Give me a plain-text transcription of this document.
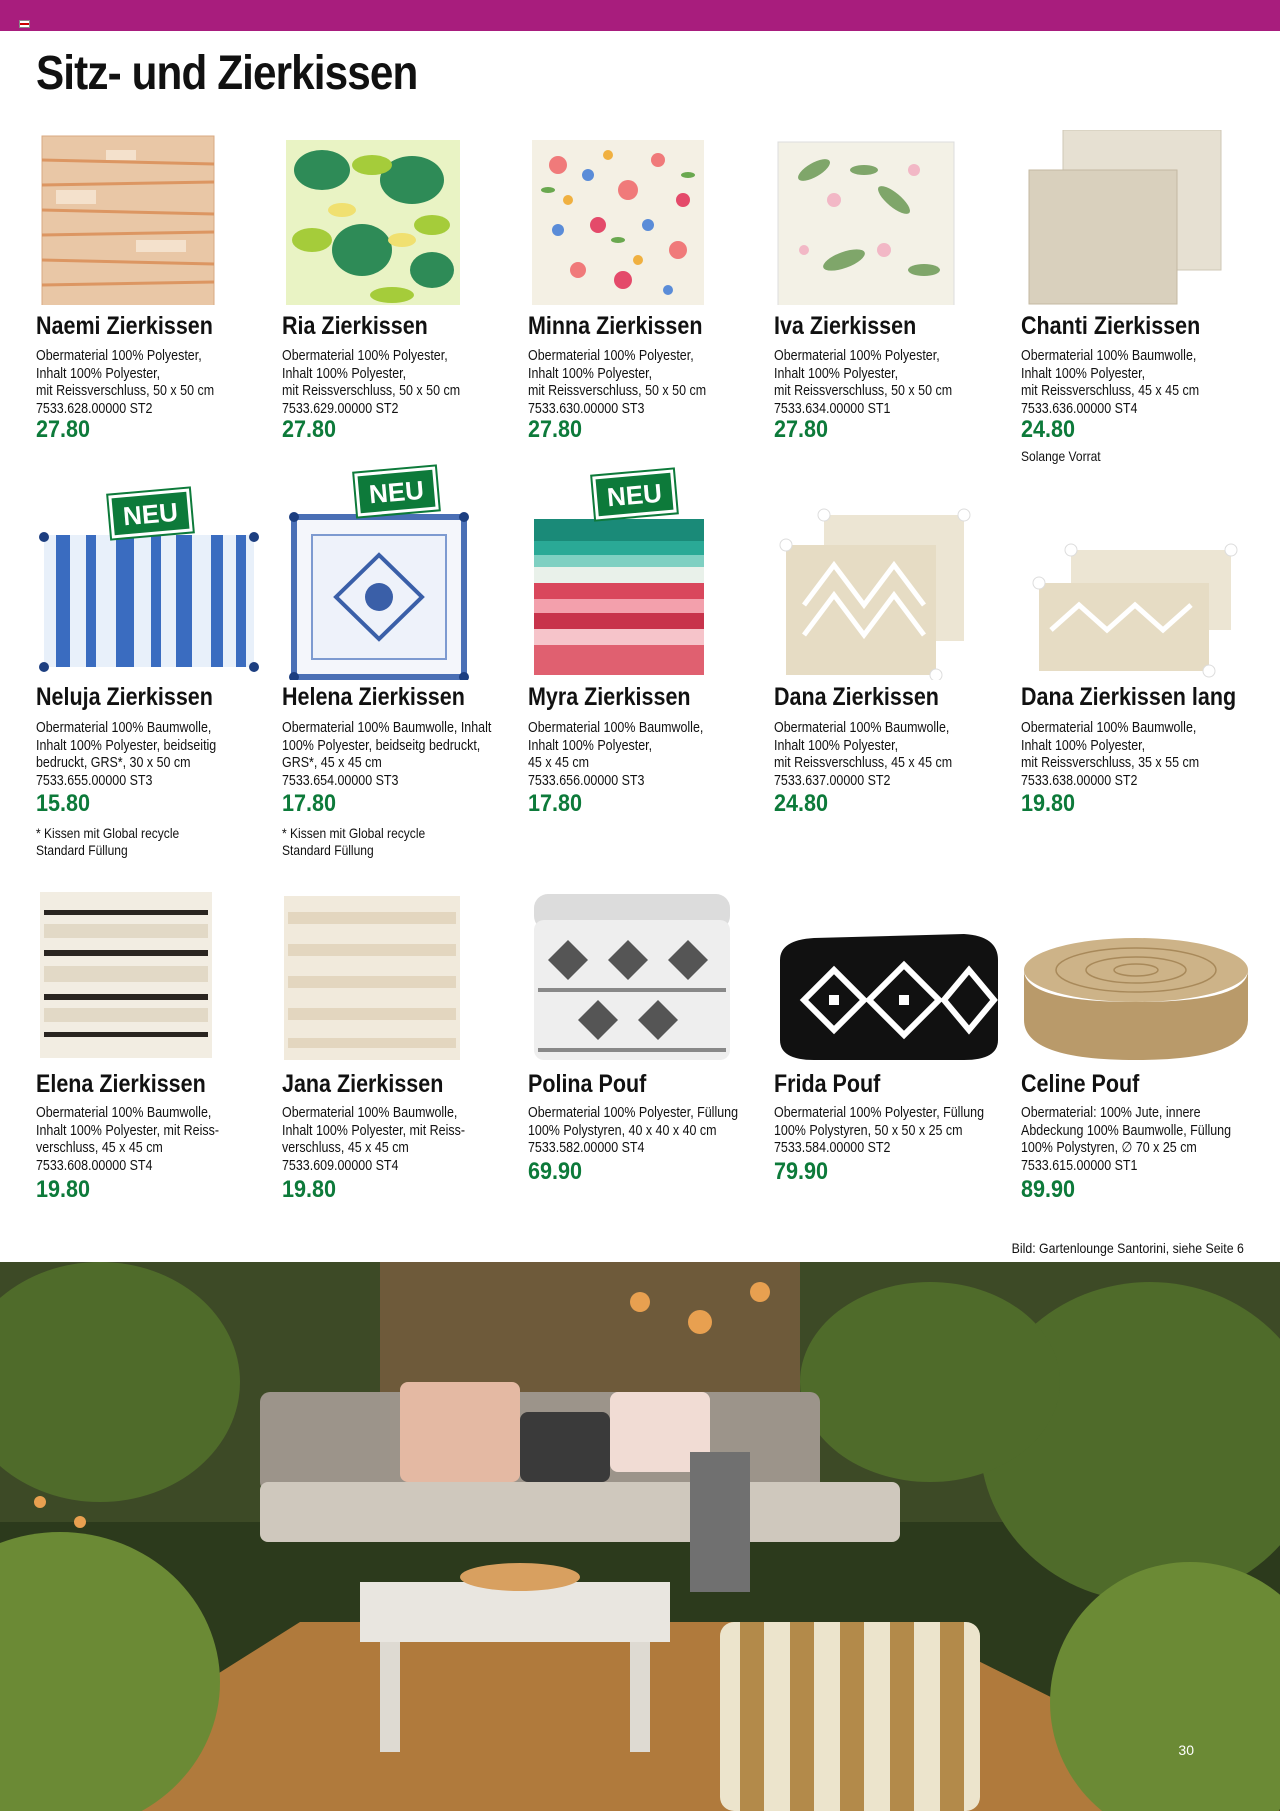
Sitz- und Zierkissen
Naemi Zierkissen
Obermaterial 100% Polyester,
Inhalt 100% Polyester,
mit Reissverschluss, 50 x 50 cm
7533.628.00000 ST2
27.80
Ria Zierkissen
Obermaterial 100% Polyester,
Inhalt 100% Polyester,
mit Reissverschluss, 50 x 50 cm
7533.629.00000 ST2
27.80
Minna Zierkissen
Obermaterial 100% Polyester,
Inhalt 100% Polyester,
mit Reissverschluss, 50 x 50 cm
7533.630.00000 ST3
27.80
Iva Zierkissen
Obermaterial 100% Polyester,
Inhalt 100% Polyester,
mit Reissverschluss, 50 x 50 cm
7533.634.00000 ST1
27.80
Chanti Zierkissen
Obermaterial 100% Baumwolle,
Inhalt 100% Polyester,
mit Reissverschluss, 45 x 45 cm
7533.636.00000 ST4
24.80
Solange Vorrat
Neluja Zierkissen
Obermaterial 100% Baumwolle,
Inhalt 100% Polyester, beidseitig
bedruckt, GRS*, 30 x 50 cm
7533.655.00000 ST3
15.80
* Kissen mit Global recycle
Standard Füllung
NEU
Helena Zierkissen
Obermaterial 100% Baumwolle, Inhalt
100% Polyester, beidseitg bedruckt,
GRS*, 45 x 45 cm
7533.654.00000 ST3
17.80
* Kissen mit Global recycle
Standard Füllung
NEU
Myra Zierkissen
Obermaterial 100% Baumwolle,
Inhalt 100% Polyester,
45 x 45 cm
7533.656.00000 ST3
17.80
NEU
Dana Zierkissen
Obermaterial 100% Baumwolle,
Inhalt 100% Polyester,
mit Reissverschluss, 45 x 45 cm
7533.637.00000 ST2
24.80
Dana Zierkissen lang
Obermaterial 100% Baumwolle,
Inhalt 100% Polyester,
mit Reissverschluss, 35 x 55 cm
7533.638.00000 ST2
19.80
Elena Zierkissen
Obermaterial 100% Baumwolle,
Inhalt 100% Polyester, mit Reiss-
verschluss, 45 x 45 cm
7533.608.00000 ST4
19.80
Jana Zierkissen
Obermaterial 100% Baumwolle,
Inhalt 100% Polyester, mit Reiss-
verschluss, 45 x 45 cm
7533.609.00000 ST4
19.80
Polina Pouf
Obermaterial 100% Polyester, Füllung
100% Polystyren, 40 x 40 x 40 cm
7533.582.00000 ST4
69.90
Frida Pouf
Obermaterial 100% Polyester, Füllung
100% Polystyren, 50 x 50 x 25 cm
7533.584.00000 ST2
79.90
Celine Pouf
Obermaterial: 100% Jute, innere
Abdeckung 100% Baumwolle, Füllung
100% Polystyren, ∅ 70 x 25 cm
7533.615.00000 ST1
89.90
Bild: Gartenlounge Santorini, siehe Seite 6
30
